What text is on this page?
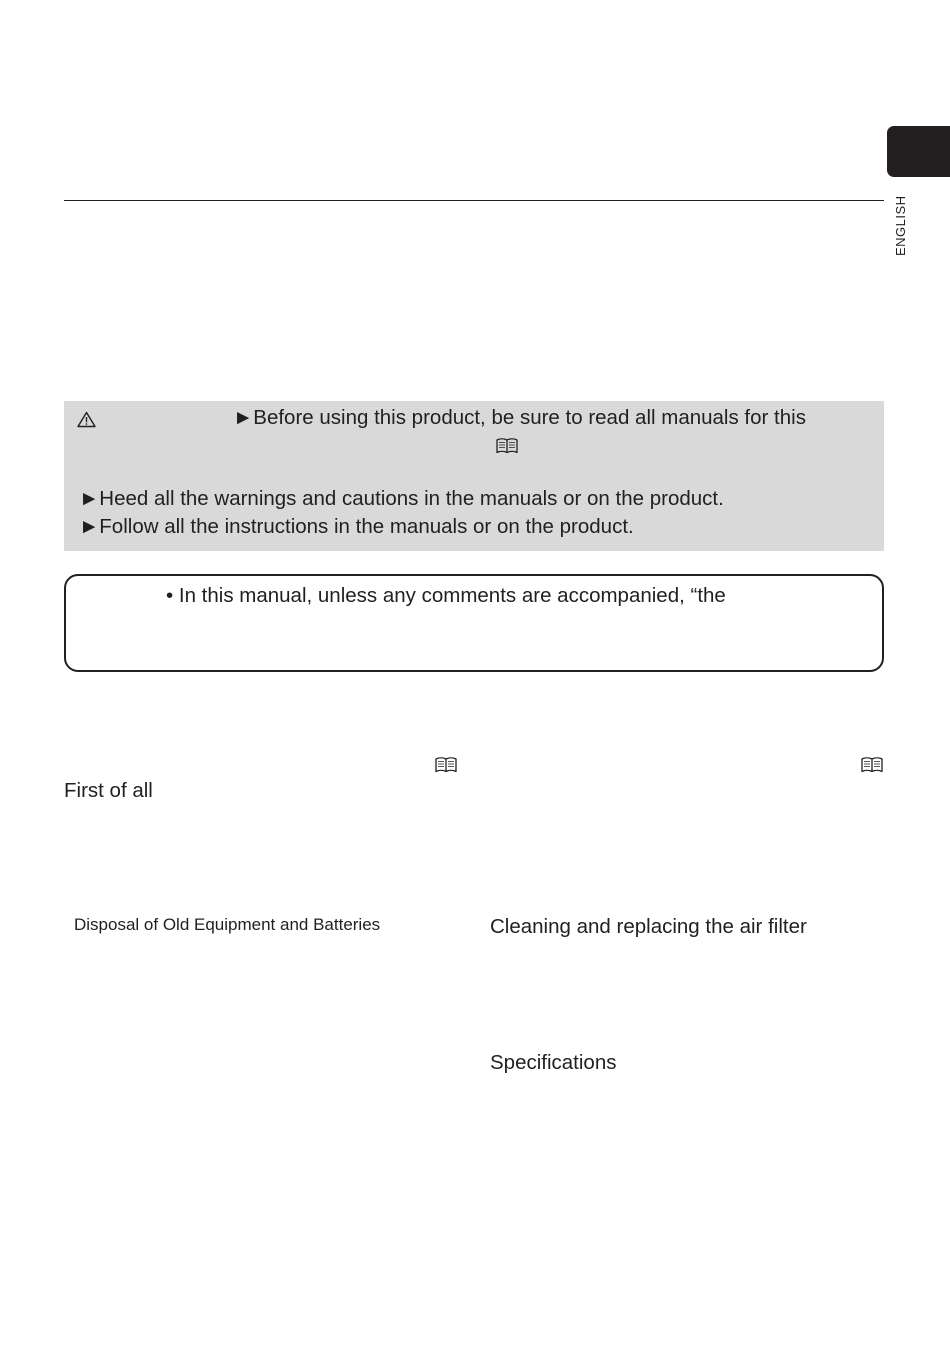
ENGLISH
►Before using this product, be sure to read all manuals for this
►Heed all the warnings and cautions in the manuals or on the product.
►Follow all the instructions in the manuals or on the product.
• In this manual, unless any comments are accompanied, “the
First of all
Disposal of Old Equipment and Batteries	Cleaning and replacing the air filter
Specifications
